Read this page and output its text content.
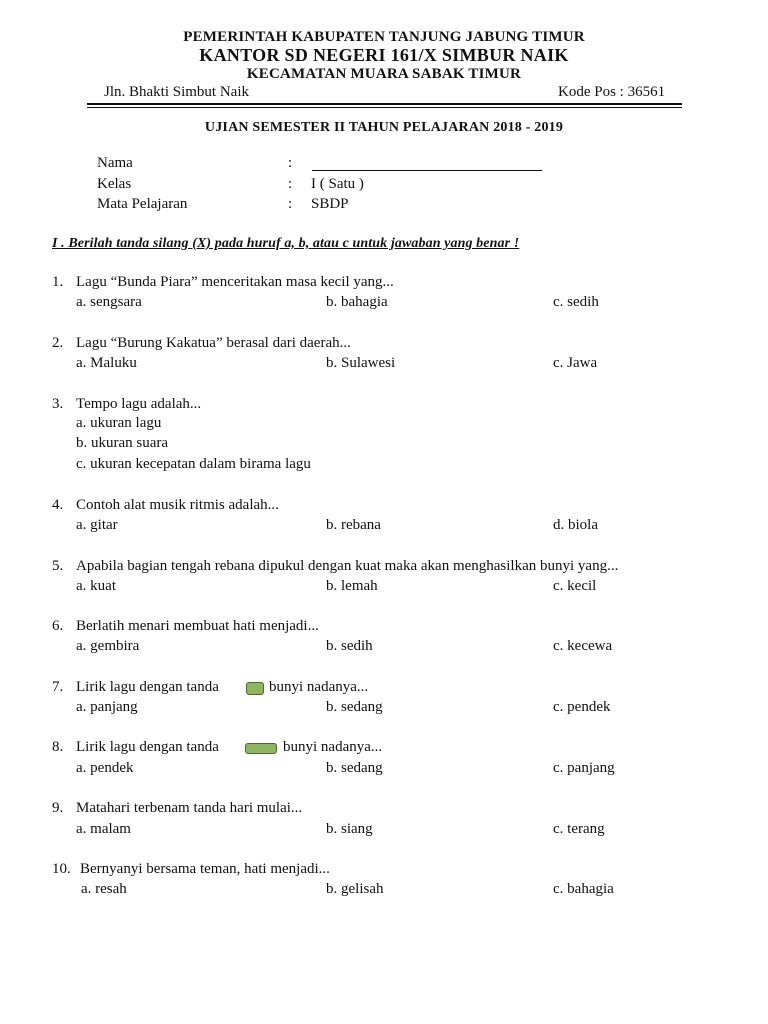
PEMERINTAH KABUPATEN TANJUNG JABUNG TIMUR
KANTOR SD NEGERI 161/X SIMBUR NAIK
KECAMATAN MUARA SABAK TIMUR
Jln. Bhakti Simbut Naik	Kode Pos : 36561
UJIAN SEMESTER II TAHUN PELAJARAN 2018 - 2019
Nama	:
Kelas	: I ( Satu )
Mata Pelajaran	: SBDP
I . Berilah tanda silang (X) pada huruf a, b, atau c untuk jawaban yang benar !
1. Lagu “Bunda Piara” menceritakan masa kecil yang...
a. sengsara	b. bahagia	c. sedih
2. Lagu “Burung Kakatua” berasal dari daerah...
a. Maluku	b. Sulawesi	c. Jawa
3. Tempo lagu adalah...
a. ukuran lagu
b. ukuran suara
c. ukuran kecepatan dalam birama lagu
4. Contoh alat musik ritmis adalah...
a. gitar	b. rebana	d. biola
5. Apabila bagian tengah rebana dipukul dengan kuat maka akan menghasilkan bunyi yang...
a. kuat	b. lemah	c. kecil
6. Berlatih menari membuat hati menjadi...
a. gembira	b. sedih	c. kecewa
7. Lirik lagu dengan tanda	bunyi nadanya...
a. panjang	b. sedang	c. pendek
8. Lirik lagu dengan tanda	bunyi nadanya...
a. pendek	b. sedang	c. panjang
9. Matahari terbenam tanda hari mulai...
a. malam	b. siang	c. terang
10. Bernyanyi bersama teman, hati menjadi...
a. resah	b. gelisah	c. bahagia
